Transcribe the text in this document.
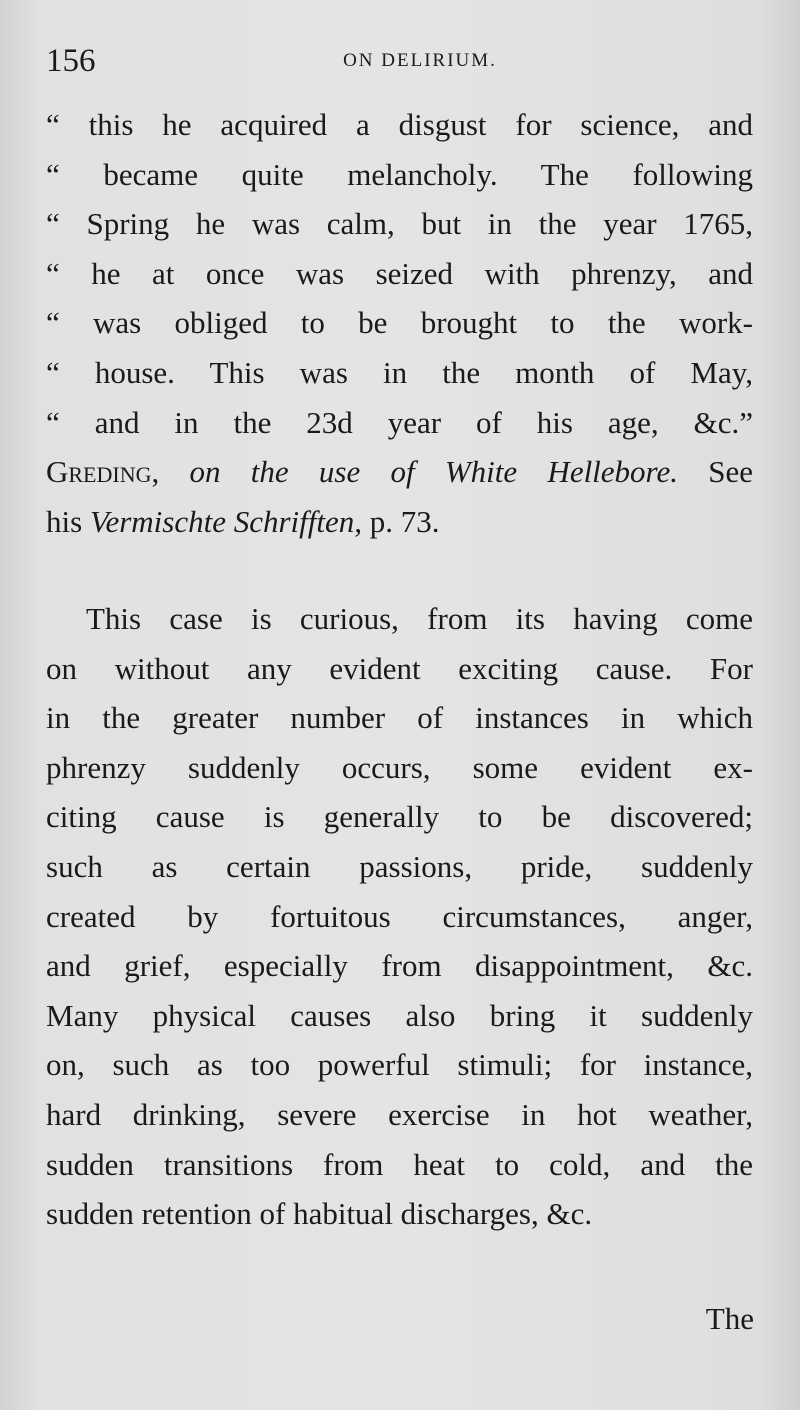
156	ON DELIRIUM.
“ this he acquired a disgust for science, and
“ became quite melancholy. The following
“ Spring he was calm, but in the year 1765,
“ he at once was seized with phrenzy, and
“ was obliged to be brought to the work-
“ house. This was in the month of May,
“ and in the 23d year of his age, &c.”
Greding, on the use of White Hellebore. See
his Vermischte Schrifften, p. 73.
This case is curious, from its having come
on without any evident exciting cause. For
in the greater number of instances in which
phrenzy suddenly occurs, some evident ex-
citing cause is generally to be discovered;
such as certain passions, pride, suddenly
created by fortuitous circumstances, anger,
and grief, especially from disappointment, &c.
Many physical causes also bring it suddenly
on, such as too powerful stimuli; for instance,
hard drinking, severe exercise in hot weather,
sudden transitions from heat to cold, and the
sudden retention of habitual discharges, &c.
The
